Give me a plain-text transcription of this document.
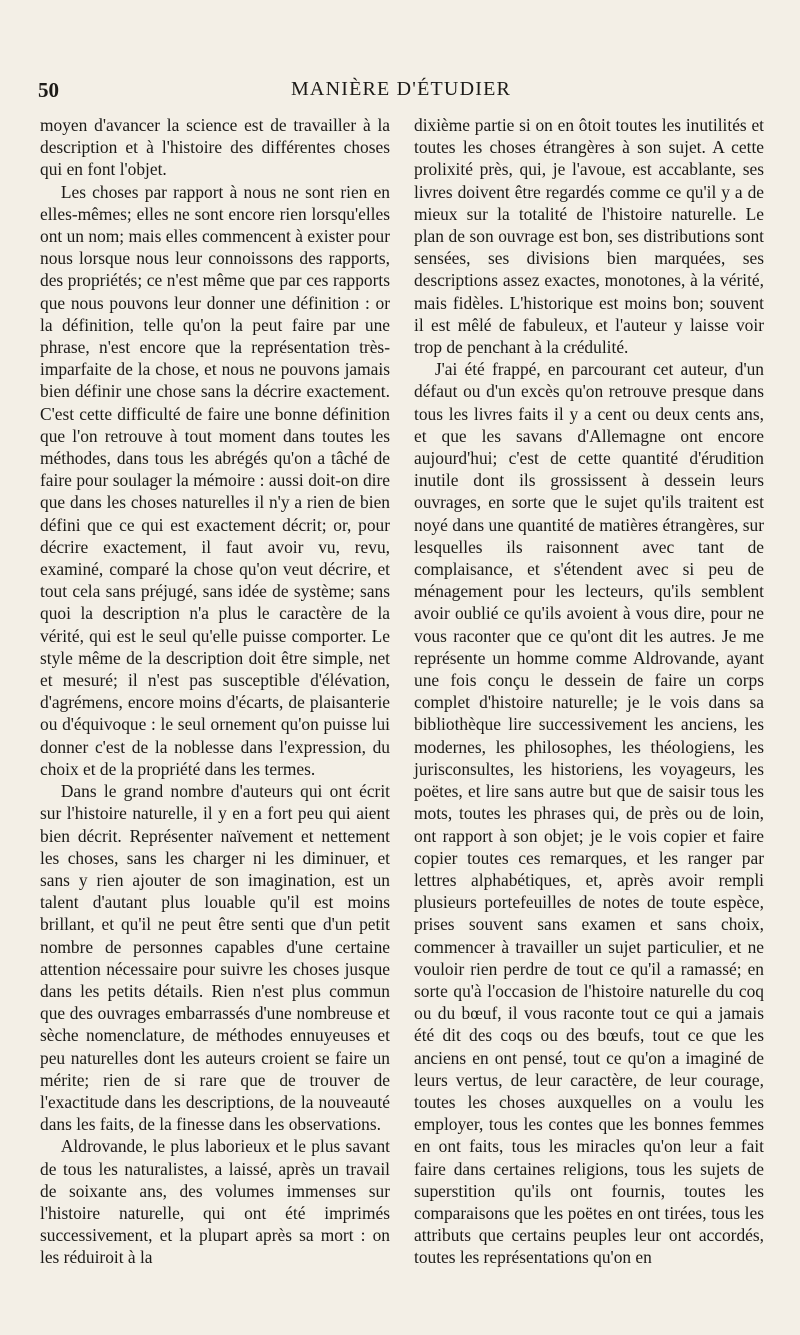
50	MANIÈRE D'ÉTUDIER

moyen d'avancer la science est de travailler à la description et à l'histoire des différentes choses qui en font l'objet.

Les choses par rapport à nous ne sont rien en elles-mêmes; elles ne sont encore rien lorsqu'elles ont un nom; mais elles commencent à exister pour nous lorsque nous leur connoissons des rapports, des propriétés; ce n'est même que par ces rapports que nous pouvons leur donner une définition : or la définition, telle qu'on la peut faire par une phrase, n'est encore que la représentation très-imparfaite de la chose, et nous ne pouvons jamais bien définir une chose sans la décrire exactement. C'est cette difficulté de faire une bonne définition que l'on retrouve à tout moment dans toutes les méthodes, dans tous les abrégés qu'on a tâché de faire pour soulager la mémoire : aussi doit-on dire que dans les choses naturelles il n'y a rien de bien défini que ce qui est exactement décrit; or, pour décrire exactement, il faut avoir vu, revu, examiné, comparé la chose qu'on veut décrire, et tout cela sans préjugé, sans idée de système; sans quoi la description n'a plus le caractère de la vérité, qui est le seul qu'elle puisse comporter. Le style même de la description doit être simple, net et mesuré; il n'est pas susceptible d'élévation, d'agrémens, encore moins d'écarts, de plaisanterie ou d'équivoque : le seul ornement qu'on puisse lui donner c'est de la noblesse dans l'expression, du choix et de la propriété dans les termes.

Dans le grand nombre d'auteurs qui ont écrit sur l'histoire naturelle, il y en a fort peu qui aient bien décrit. Représenter naïvement et nettement les choses, sans les charger ni les diminuer, et sans y rien ajouter de son imagination, est un talent d'autant plus louable qu'il est moins brillant, et qu'il ne peut être senti que d'un petit nombre de personnes capables d'une certaine attention nécessaire pour suivre les choses jusque dans les petits détails. Rien n'est plus commun que des ouvrages embarrassés d'une nombreuse et sèche nomenclature, de méthodes ennuyeuses et peu naturelles dont les auteurs croient se faire un mérite; rien de si rare que de trouver de l'exactitude dans les descriptions, de la nouveauté dans les faits, de la finesse dans les observations.

Aldrovande, le plus laborieux et le plus savant de tous les naturalistes, a laissé, après un travail de soixante ans, des volumes immenses sur l'histoire naturelle, qui ont été imprimés successivement, et la plupart après sa mort : on les réduiroit à la

dixième partie si on en ôtoit toutes les inutilités et toutes les choses étrangères à son sujet. A cette prolixité près, qui, je l'avoue, est accablante, ses livres doivent être regardés comme ce qu'il y a de mieux sur la totalité de l'histoire naturelle. Le plan de son ouvrage est bon, ses distributions sont sensées, ses divisions bien marquées, ses descriptions assez exactes, monotones, à la vérité, mais fidèles. L'historique est moins bon; souvent il est mêlé de fabuleux, et l'auteur y laisse voir trop de penchant à la crédulité.

J'ai été frappé, en parcourant cet auteur, d'un défaut ou d'un excès qu'on retrouve presque dans tous les livres faits il y a cent ou deux cents ans, et que les savans d'Allemagne ont encore aujourd'hui; c'est de cette quantité d'érudition inutile dont ils grossissent à dessein leurs ouvrages, en sorte que le sujet qu'ils traitent est noyé dans une quantité de matières étrangères, sur lesquelles ils raisonnent avec tant de complaisance, et s'étendent avec si peu de ménagement pour les lecteurs, qu'ils semblent avoir oublié ce qu'ils avoient à vous dire, pour ne vous raconter que ce qu'ont dit les autres. Je me représente un homme comme Aldrovande, ayant une fois conçu le dessein de faire un corps complet d'histoire naturelle; je le vois dans sa bibliothèque lire successivement les anciens, les modernes, les philosophes, les théologiens, les jurisconsultes, les historiens, les voyageurs, les poëtes, et lire sans autre but que de saisir tous les mots, toutes les phrases qui, de près ou de loin, ont rapport à son objet; je le vois copier et faire copier toutes ces remarques, et les ranger par lettres alphabétiques, et, après avoir rempli plusieurs portefeuilles de notes de toute espèce, prises souvent sans examen et sans choix, commencer à travailler un sujet particulier, et ne vouloir rien perdre de tout ce qu'il a ramassé; en sorte qu'à l'occasion de l'histoire naturelle du coq ou du bœuf, il vous raconte tout ce qui a jamais été dit des coqs ou des bœufs, tout ce que les anciens en ont pensé, tout ce qu'on a imaginé de leurs vertus, de leur caractère, de leur courage, toutes les choses auxquelles on a voulu les employer, tous les contes que les bonnes femmes en ont faits, tous les miracles qu'on leur a fait faire dans certaines religions, tous les sujets de superstition qu'ils ont fournis, toutes les comparaisons que les poëtes en ont tirées, tous les attributs que certains peuples leur ont accordés, toutes les représentations qu'on en
